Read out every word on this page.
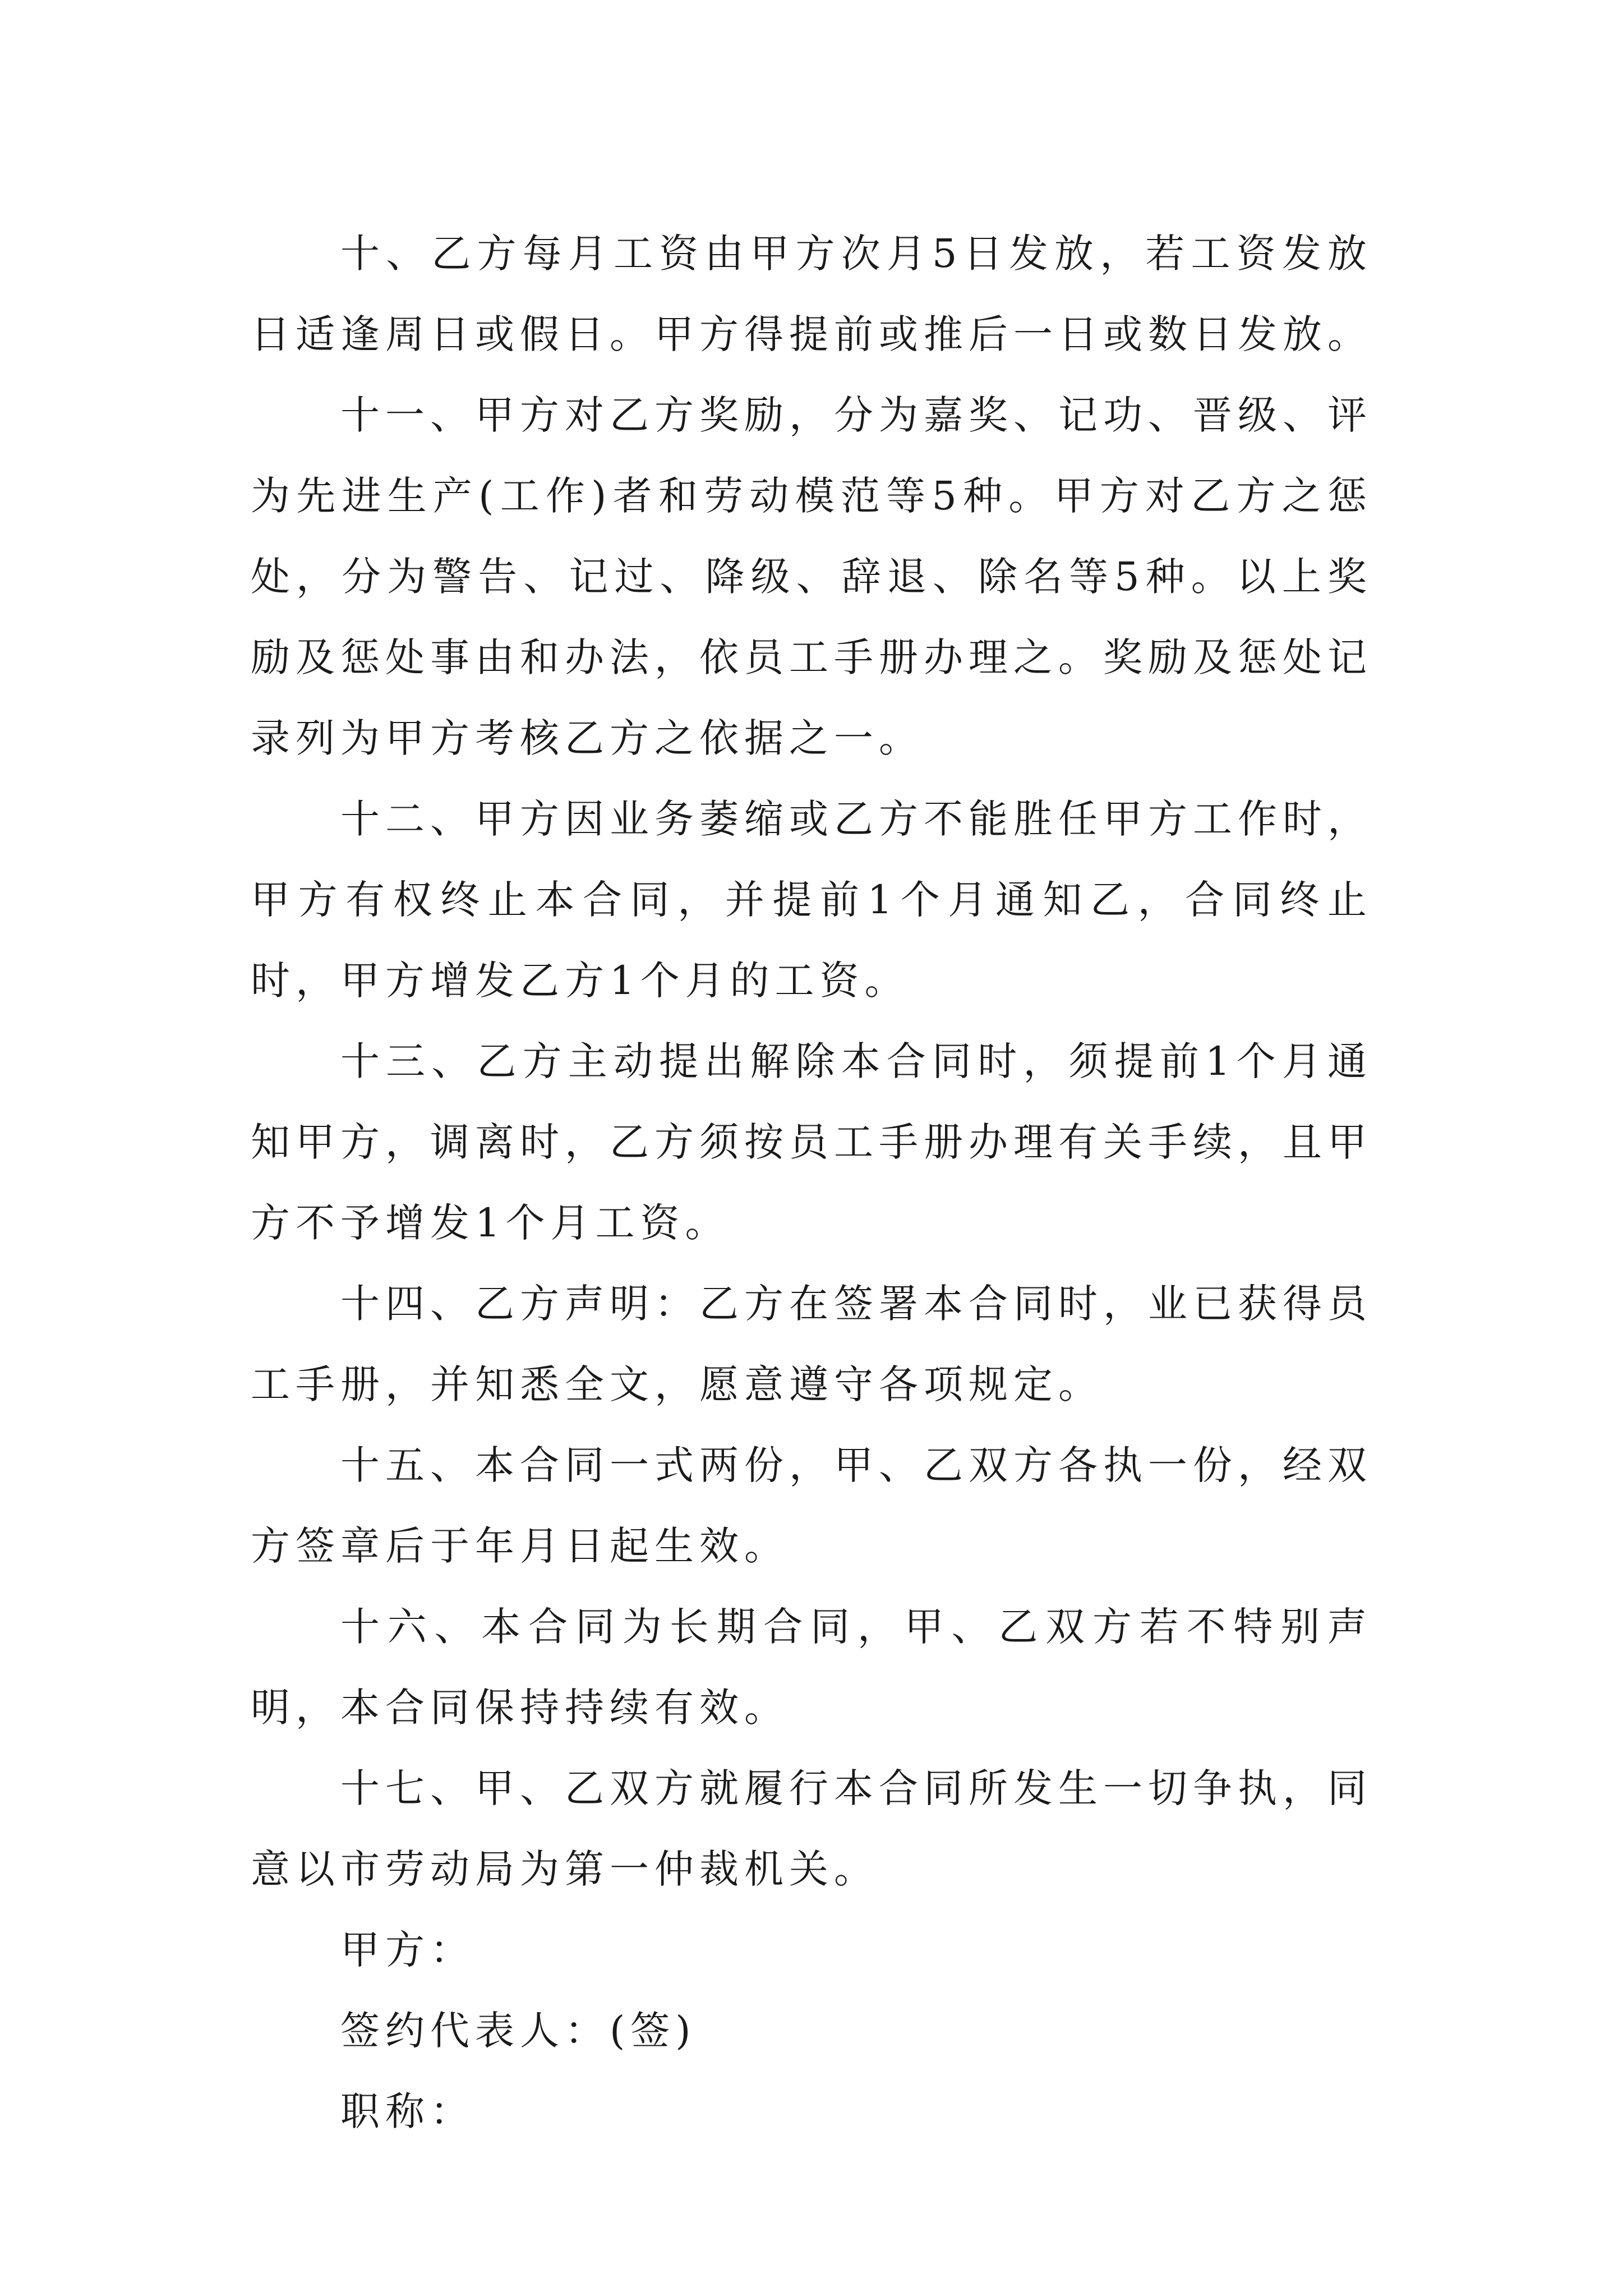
十、乙方每月工资由甲方次月5日发放，若工资发放日适逢周日或假日。甲方得提前或推后一日或数日发放。

十一、甲方对乙方奖励，分为嘉奖、记功、晋级、评为先进生产(工作)者和劳动模范等5种。甲方对乙方之惩处，分为警告、记过、降级、辞退、除名等5种。以上奖励及惩处事由和办法，依员工手册办理之。奖励及惩处记录列为甲方考核乙方之依据之一。

十二、甲方因业务萎缩或乙方不能胜任甲方工作时，甲方有权终止本合同，并提前1个月通知乙，合同终止时，甲方增发乙方1个月的工资。

十三、乙方主动提出解除本合同时，须提前1个月通知甲方，调离时，乙方须按员工手册办理有关手续，且甲方不予增发1个月工资。

十四、乙方声明：乙方在签署本合同时，业已获得员工手册，并知悉全文，愿意遵守各项规定。

十五、本合同一式两份，甲、乙双方各执一份，经双方签章后于年月日起生效。

十六、本合同为长期合同，甲、乙双方若不特别声明，本合同保持持续有效。

十七、甲、乙双方就履行本合同所发生一切争执，同意以市劳动局为第一仲裁机关。

甲方：

签约代表人：(签)

职称：
